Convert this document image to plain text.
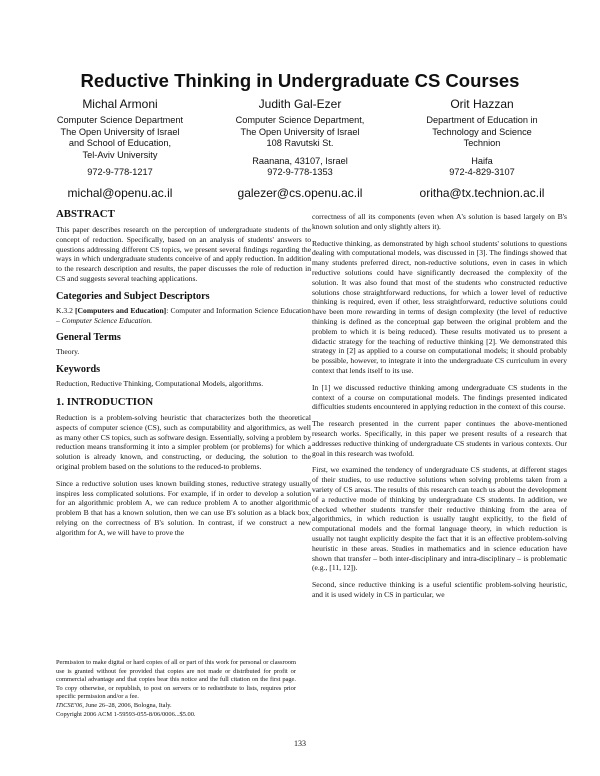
Reductive Thinking in Undergraduate CS Courses
Michal Armoni
Computer Science Department
The Open University of Israel
and School of Education,
Tel-Aviv University
972-9-778-1217
michal@openu.ac.il
Judith Gal-Ezer
Computer Science Department,
The Open University of Israel
108 Ravutski St.
Raanana, 43107, Israel
972-9-778-1353
galezer@cs.openu.ac.il
Orit Hazzan
Department of Education in
Technology and Science
Technion
Haifa
972-4-829-3107
oritha@tx.technion.ac.il
ABSTRACT

This paper describes research on the perception of undergraduate students of the concept of reduction. Specifically, based on an analysis of students' answers to questions addressing different CS topics, we present several findings regarding the ways in which undergraduate students conceive of and apply reduction. In addition to the research description and results, the paper discusses the role of reduction in CS and suggests several teaching applications.

Categories and Subject Descriptors

K.3.2 [Computers and Education]: Computer and Information Science Education – Computer Science Education.

General Terms

Theory.

Keywords

Reduction, Reductive Thinking, Computational Models, algorithms.

1. INTRODUCTION

Reduction is a problem-solving heuristic that characterizes both the theoretical aspects of computer science (CS), such as computability and algorithmics, as well as many other CS topics, such as software design. Essentially, solving a problem by reduction means transforming it into a simpler problem (or problems) for which a solution is already known, and constructing, or deducing, the solution to the original problem based on the solutions to the reduced-to problems.

Since a reductive solution uses known building stones, reductive strategy usually inspires less complicated solutions. For example, if in order to develop a solution for an algorithmic problem A, we can reduce problem A to another algorithmic problem B that has a known solution, then we can use B's solution as a black box, relying on the correctness of B's solution. In contrast, if we construct a new algorithm for A, we will have to prove the

Permission to make digital or hard copies of all or part of this work for personal or classroom use is granted without fee provided that copies are not made or distributed for profit or commercial advantage and that copies bear this notice and the full citation on the first page. To copy otherwise, or republish, to post on servers or to redistribute to lists, requires prior specific permission and/or a fee.
ITiCSE'06, June 26–28, 2006, Bologna, Italy.
Copyright 2006 ACM 1-59593-055-8/06/0006...$5.00.

correctness of all its components (even when A's solution is based largely on B's known solution and only slightly alters it).

Reductive thinking, as demonstrated by high school students' solutions to questions dealing with computational models, was discussed in [3]. The findings showed that many students preferred direct, non-reductive solutions, even in cases in which reductive solutions could have significantly decreased the complexity of the solution. It was also found that most of the students who constructed reductive solutions chose straightforward reductions, for which a lower level of reductive thinking is required, even if other, less straightforward, reductive solutions could have been more rewarding in terms of design complexity (the level of reductive thinking is defined as the conceptual gap between the original problem and the problem to which it is being reduced). These results motivated us to present a didactic strategy for the teaching of reductive thinking [2]. We demonstrated this strategy in [2] as applied to a course on computational models; it should probably be possible, however, to integrate it into the undergraduate CS curriculum in every context that lends itself to its use.

In [1] we discussed reductive thinking among undergraduate CS students in the context of a course on computational models. The findings presented indicated difficulties students encountered in applying reduction in the context of this course.

The research presented in the current paper continues the above-mentioned research works. Specifically, in this paper we present results of a research that addresses reductive thinking of undergraduate CS students in various contexts. Our goal in this research was twofold.

First, we examined the tendency of undergraduate CS students, at different stages of their studies, to use reductive solutions when solving problems taken from a variety of CS areas. The results of this research can teach us about the development of a reductive mode of thinking by undergraduate CS students. In addition, we checked whether students transfer their reductive thinking from the area of algorithmics, in which reduction is usually taught explicitly, to the field of computational models and the formal language theory, in which reduction is usually not taught explicitly despite the fact that it is an effective problem-solving heuristic in these areas. Studies in mathematics and in science education have shown that transfer – both inter-disciplinary and intra-disciplinary – is problematic (e.g., [11, 12]).

Second, since reductive thinking is a useful scientific problem-solving heuristic, and it is used widely in CS in particular, we

133
